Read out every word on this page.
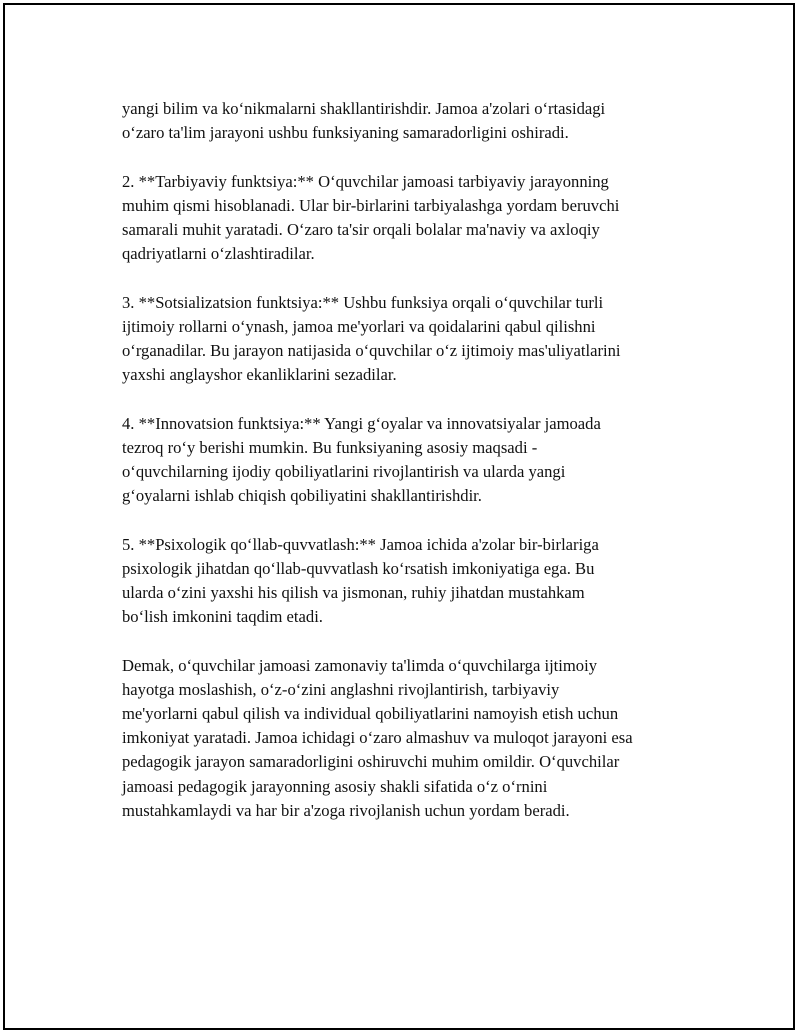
yangi bilim va ko‘nikmalarni shakllantirishdir. Jamoa a'zolari o‘rtasidagi
o‘zaro ta'lim jarayoni ushbu funksiyaning samaradorligini oshiradi.

2. **Tarbiyaviy funktsiya:** O‘quvchilar jamoasi tarbiyaviy jarayonning
muhim qismi hisoblanadi. Ular bir-birlarini tarbiyalashga yordam beruvchi
samarali muhit yaratadi. O‘zaro ta'sir orqali bolalar ma'naviy va axloqiy
qadriyatlarni o‘zlashtiradilar.

3. **Sotsializatsion funktsiya:** Ushbu funksiya orqali o‘quvchilar turli
ijtimoiy rollarni o‘ynash, jamoa me'yorlari va qoidalarini qabul qilishni
o‘rganadilar. Bu jarayon natijasida o‘quvchilar o‘z ijtimoiy mas'uliyatlarini
yaxshi anglayshor ekanliklarini sezadilar.

4. **Innovatsion funktsiya:** Yangi g‘oyalar va innovatsiyalar jamoada
tezroq ro‘y berishi mumkin. Bu funksiyaning asosiy maqsadi -
o‘quvchilarning ijodiy qobiliyatlarini rivojlantirish va ularda yangi
g‘oyalarni ishlab chiqish qobiliyatini shakllantirishdir.

5. **Psixologik qo‘llab-quvvatlash:** Jamoa ichida a'zolar bir-birlariga
psixologik jihatdan qo‘llab-quvvatlash ko‘rsatish imkoniyatiga ega. Bu
ularda o‘zini yaxshi his qilish va jismonan, ruhiy jihatdan mustahkam
bo‘lish imkonini taqdim etadi.

Demak, o‘quvchilar jamoasi zamonaviy ta'limda o‘quvchilarga ijtimoiy
hayotga moslashish, o‘z-o‘zini anglashni rivojlantirish, tarbiyaviy
me'yorlarni qabul qilish va individual qobiliyatlarini namoyish etish uchun
imkoniyat yaratadi. Jamoa ichidagi o‘zaro almashuv va muloqot jarayoni esa
pedagogik jarayon samaradorligini oshiruvchi muhim omildir. O‘quvchilar
jamoasi pedagogik jarayonning asosiy shakli sifatida o‘z o‘rnini
mustahkamlaydi va har bir a'zoga rivojlanish uchun yordam beradi.
